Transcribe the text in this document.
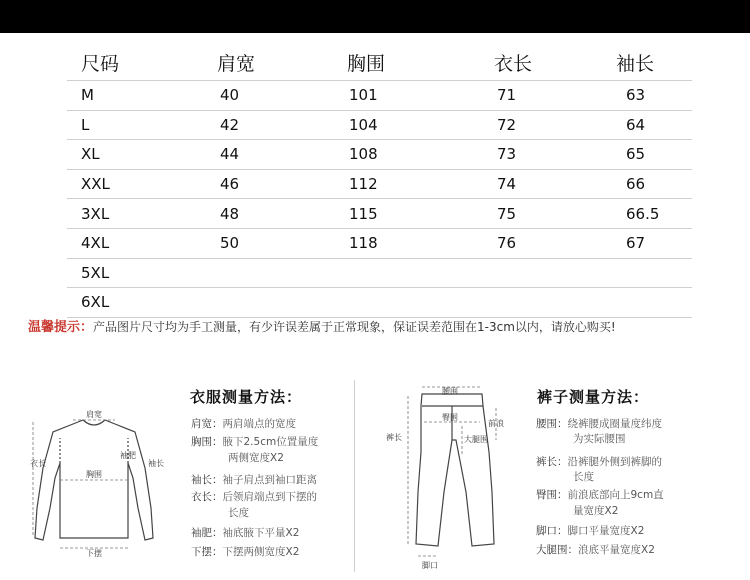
尺码	肩宽	胸围	衣长	袖长
M	40	101	71	63
L	42	104	72	64
XL	44	108	73	65
XXL	46	112	74	66
3XL	48	115	75	66.5
4XL	50	118	76	67
5XL
6XL
温馨提示：产品图片尺寸均为手工测量，有少许误差属于正常现象，保证误差范围在1-3cm以内，请放心购买!
肩宽
衣长	袖长
袖肥
胸围
下摆
衣服测量方法：
肩宽：两肩端点的宽度
胸围：腋下2.5cm位置量度
两侧宽度X2
袖长：袖子肩点到袖口距离
衣长：后领肩端点到下摆的
长度
袖肥：袖底腋下平量X2
下摆：下摆两侧宽度X2
腰围
裤长
臀围
大腿围
前浪
脚口
裤子测量方法：
腰围：绕裤腰成圈量度纬度
为实际腰围
裤长：沿裤腿外侧到裤脚的
长度
臀围：前浪底部向上9cm直
量宽度X2
脚口：脚口平量宽度X2
大腿围：浪底平量宽度X2
